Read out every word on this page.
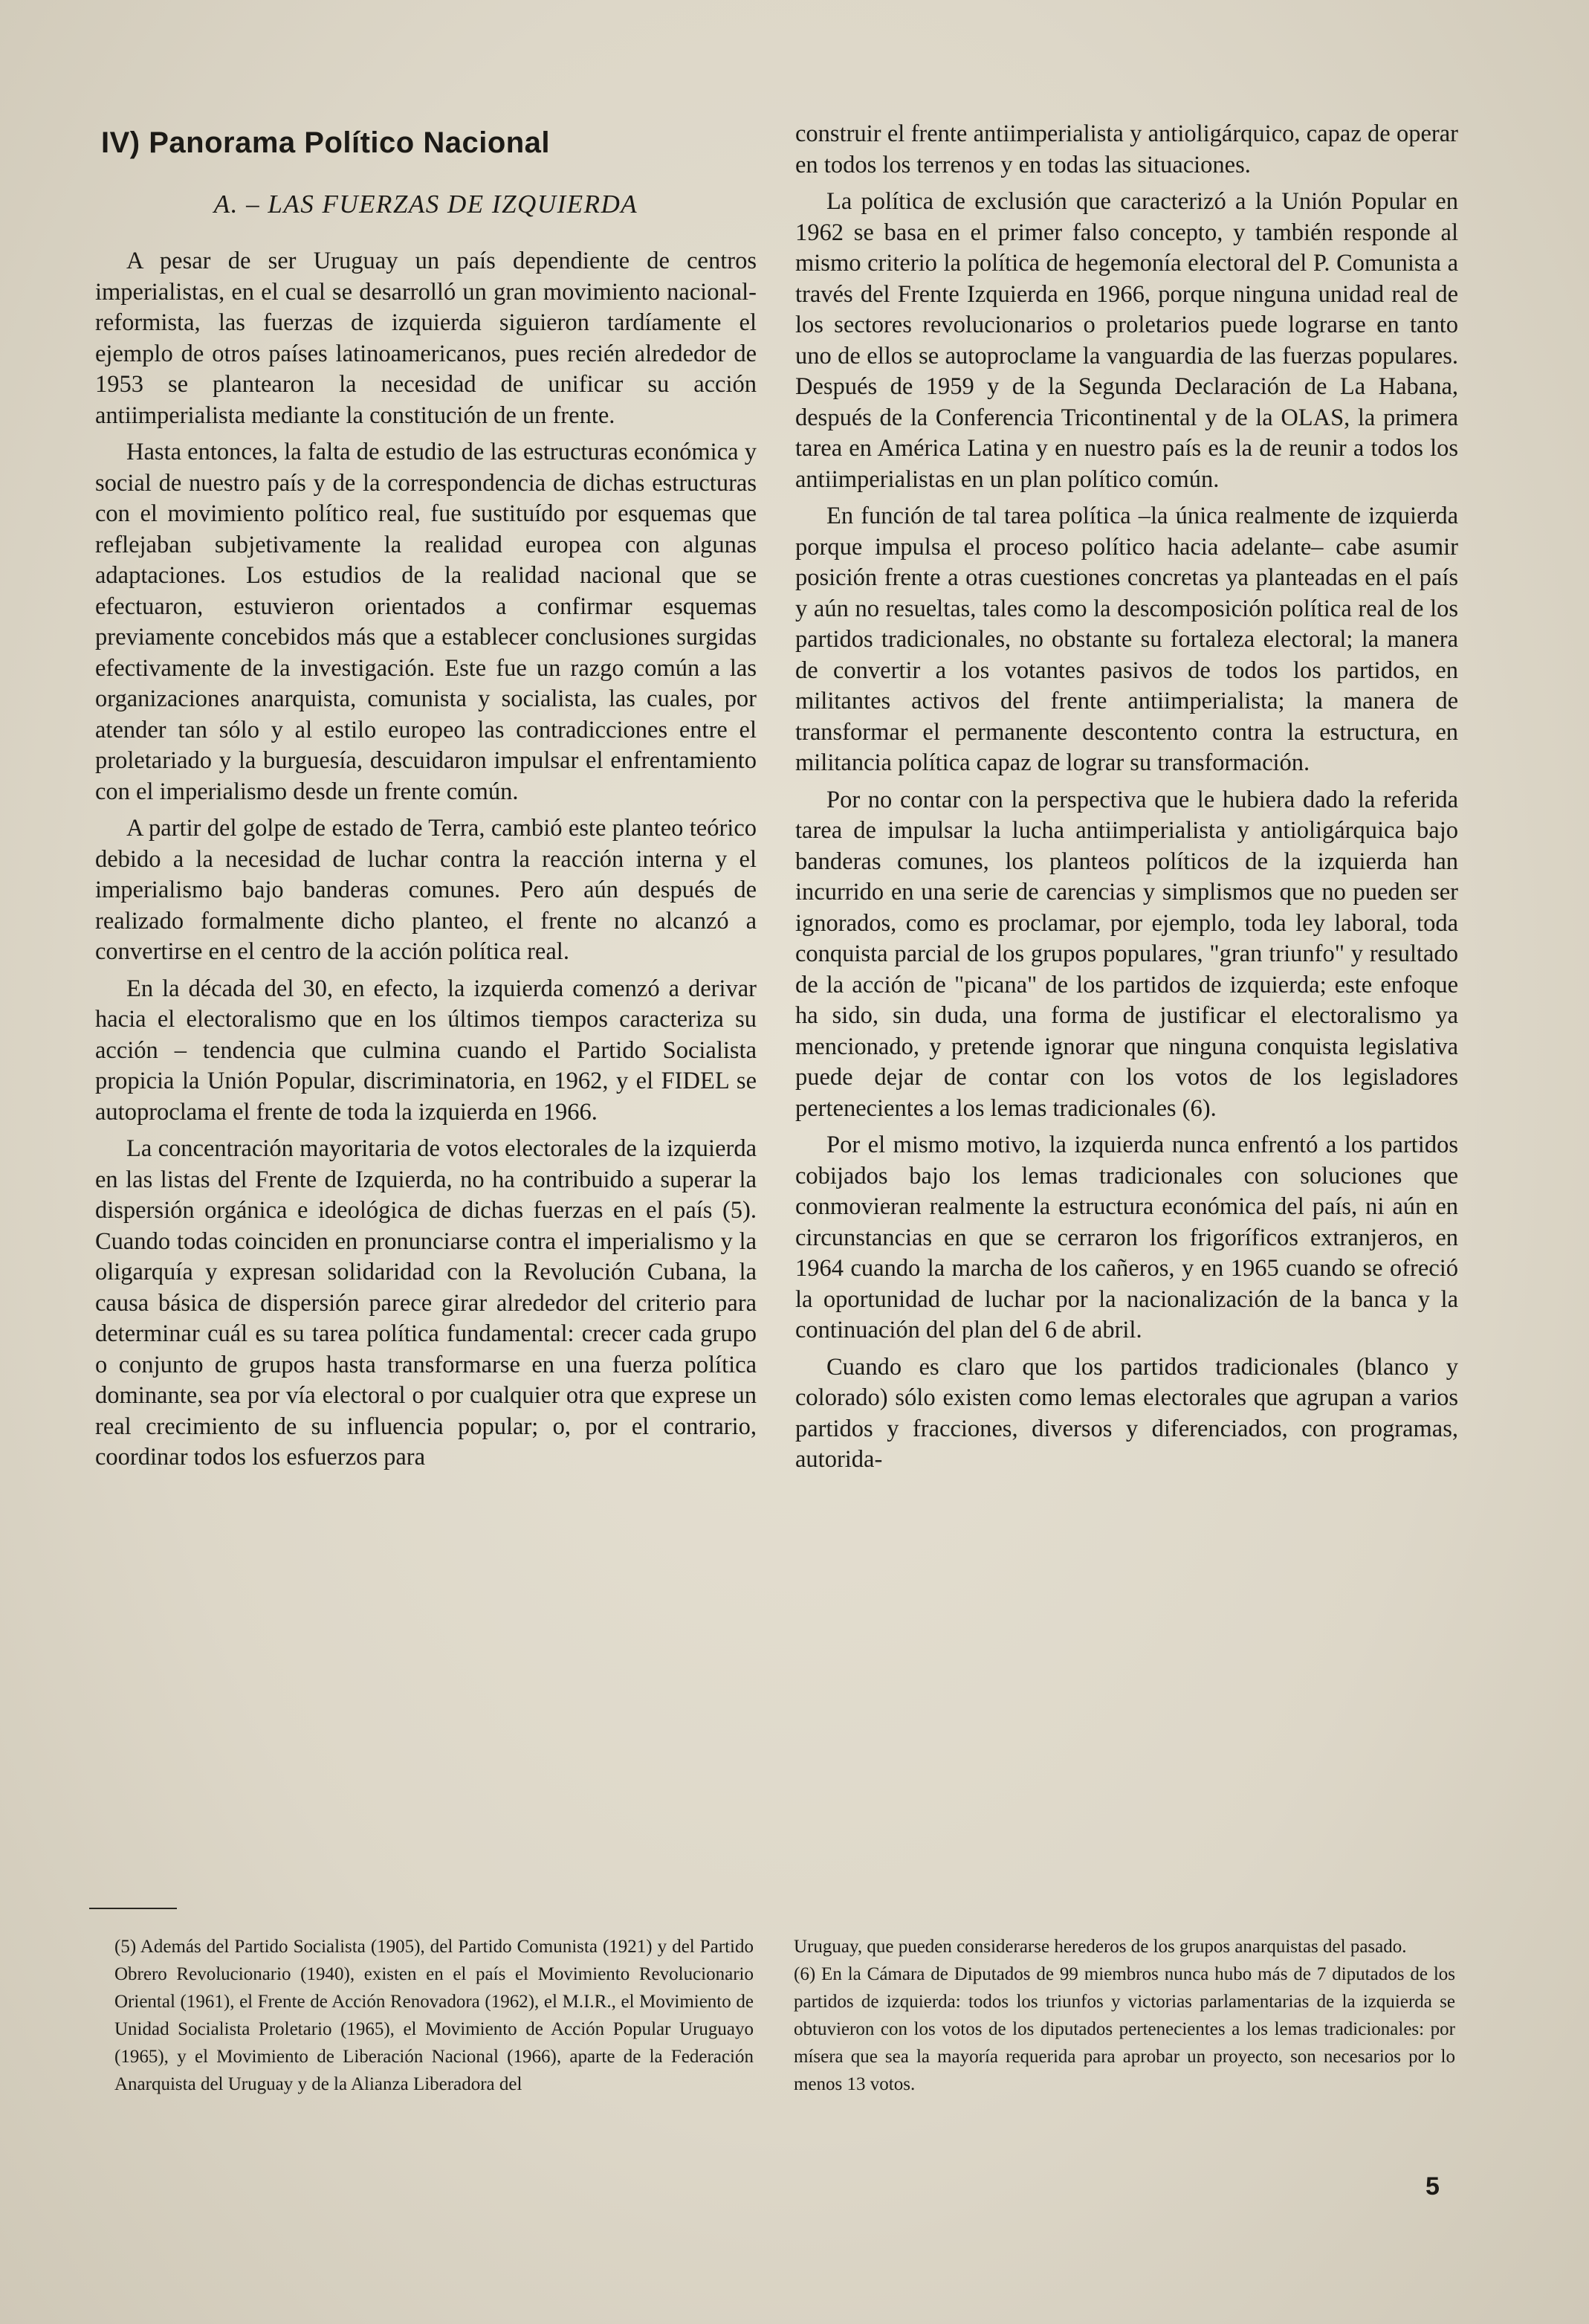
IV) Panorama Político Nacional
A. – LAS FUERZAS DE IZQUIERDA

A pesar de ser Uruguay un país dependiente de centros imperialistas, en el cual se desarrolló un gran movimiento nacional-reformista, las fuerzas de izquierda siguieron tardíamente el ejemplo de otros países latinoamericanos, pues recién alrededor de 1953 se plantearon la necesidad de unificar su acción antiimperialista mediante la constitución de un frente.

Hasta entonces, la falta de estudio de las estructuras económica y social de nuestro país y de la correspondencia de dichas estructuras con el movimiento político real, fue sustituído por esquemas que reflejaban subjetivamente la realidad europea con algunas adaptaciones. Los estudios de la realidad nacional que se efectuaron, estuvieron orientados a confirmar esquemas previamente concebidos más que a establecer conclusiones surgidas efectivamente de la investigación. Este fue un razgo común a las organizaciones anarquista, comunista y socialista, las cuales, por atender tan sólo y al estilo europeo las contradicciones entre el proletariado y la burguesía, descuidaron impulsar el enfrentamiento con el imperialismo desde un frente común.

A partir del golpe de estado de Terra, cambió este planteo teórico debido a la necesidad de luchar contra la reacción interna y el imperialismo bajo banderas comunes. Pero aún después de realizado formalmente dicho planteo, el frente no alcanzó a convertirse en el centro de la acción política real.

En la década del 30, en efecto, la izquierda comenzó a derivar hacia el electoralismo que en los últimos tiempos caracteriza su acción – tendencia que culmina cuando el Partido Socialista propicia la Unión Popular, discriminatoria, en 1962, y el FIDEL se autoproclama el frente de toda la izquierda en 1966.

La concentración mayoritaria de votos electorales de la izquierda en las listas del Frente de Izquierda, no ha contribuido a superar la dispersión orgánica e ideológica de dichas fuerzas en el país (5). Cuando todas coinciden en pronunciarse contra el imperialismo y la oligarquía y expresan solidaridad con la Revolución Cubana, la causa básica de dispersión parece girar alrededor del criterio para determinar cuál es su tarea política fundamental: crecer cada grupo o conjunto de grupos hasta transformarse en una fuerza política dominante, sea por vía electoral o por cualquier otra que exprese un real crecimiento de su influencia popular; o, por el contrario, coordinar todos los esfuerzos para

construir el frente antiimperialista y antioligárquico, capaz de operar en todos los terrenos y en todas las situaciones.

La política de exclusión que caracterizó a la Unión Popular en 1962 se basa en el primer falso concepto, y también responde al mismo criterio la política de hegemonía electoral del P. Comunista a través del Frente Izquierda en 1966, porque ninguna unidad real de los sectores revolucionarios o proletarios puede lograrse en tanto uno de ellos se autoproclame la vanguardia de las fuerzas populares. Después de 1959 y de la Segunda Declaración de La Habana, después de la Conferencia Tricontinental y de la OLAS, la primera tarea en América Latina y en nuestro país es la de reunir a todos los antiimperialistas en un plan político común.

En función de tal tarea política –la única realmente de izquierda porque impulsa el proceso político hacia adelante– cabe asumir posición frente a otras cuestiones concretas ya planteadas en el país y aún no resueltas, tales como la descomposición política real de los partidos tradicionales, no obstante su fortaleza electoral; la manera de convertir a los votantes pasivos de todos los partidos, en militantes activos del frente antiimperialista; la manera de transformar el permanente descontento contra la estructura, en militancia política capaz de lograr su transformación.

Por no contar con la perspectiva que le hubiera dado la referida tarea de impulsar la lucha antiimperialista y antioligárquica bajo banderas comunes, los planteos políticos de la izquierda han incurrido en una serie de carencias y simplismos que no pueden ser ignorados, como es proclamar, por ejemplo, toda ley laboral, toda conquista parcial de los grupos populares, "gran triunfo" y resultado de la acción de "picana" de los partidos de izquierda; este enfoque ha sido, sin duda, una forma de justificar el electoralismo ya mencionado, y pretende ignorar que ninguna conquista legislativa puede dejar de contar con los votos de los legisladores pertenecientes a los lemas tradicionales (6).

Por el mismo motivo, la izquierda nunca enfrentó a los partidos cobijados bajo los lemas tradicionales con soluciones que conmovieran realmente la estructura económica del país, ni aún en circunstancias en que se cerraron los frigoríficos extranjeros, en 1964 cuando la marcha de los cañeros, y en 1965 cuando se ofreció la oportunidad de luchar por la nacionalización de la banca y la continuación del plan del 6 de abril.

Cuando es claro que los partidos tradicionales (blanco y colorado) sólo existen como lemas electorales que agrupan a varios partidos y fracciones, diversos y diferenciados, con programas, autorida-

(5) Además del Partido Socialista (1905), del Partido Comunista (1921) y del Partido Obrero Revolucionario (1940), existen en el país el Movimiento Revolucionario Oriental (1961), el Frente de Acción Renovadora (1962), el M.I.R., el Movimiento de Unidad Socialista Proletario (1965), el Movimiento de Acción Popular Uruguayo (1965), y el Movimiento de Liberación Nacional (1966), aparte de la Federación Anarquista del Uruguay y de la Alianza Liberadora del

Uruguay, que pueden considerarse herederos de los grupos anarquistas del pasado.

(6) En la Cámara de Diputados de 99 miembros nunca hubo más de 7 diputados de los partidos de izquierda: todos los triunfos y victorias parlamentarias de la izquierda se obtuvieron con los votos de los diputados pertenecientes a los lemas tradicionales: por mísera que sea la mayoría requerida para aprobar un proyecto, son necesarios por lo menos 13 votos.

5
